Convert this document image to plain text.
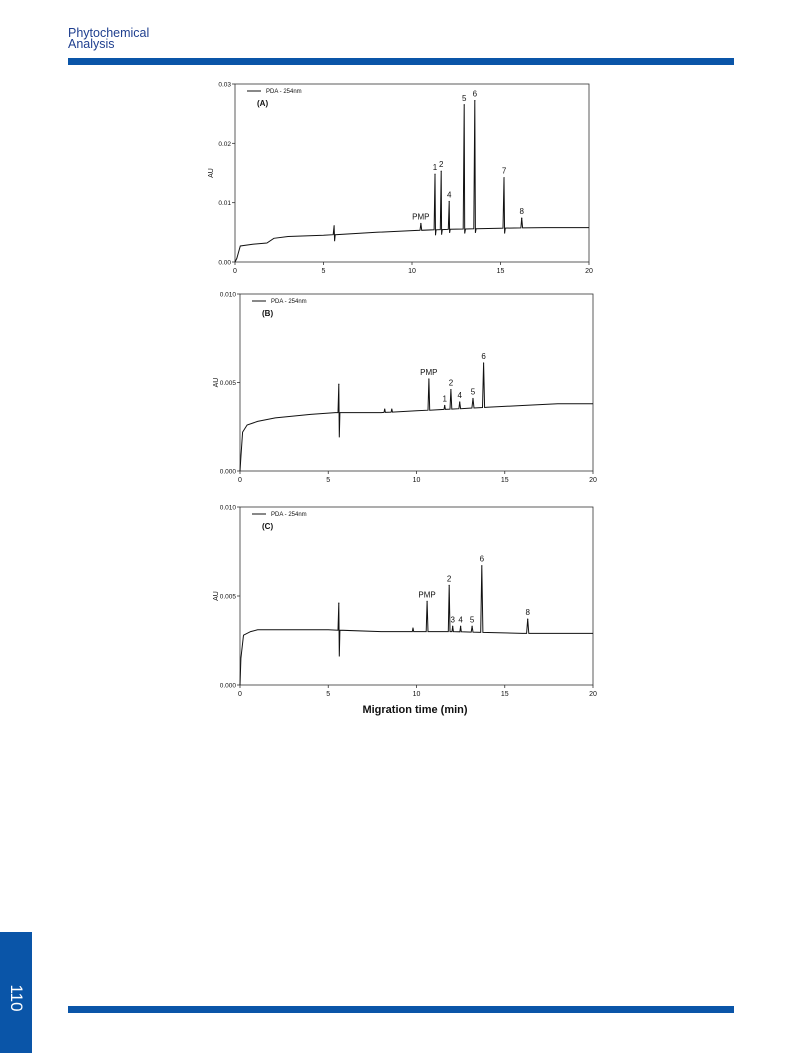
Phytochemical
Analysis
Migration time (min)
0	5	10	15	20
0.00
0.01
0.02
0.03
AU
PDA - 254nm
(A)
PMP
1 2
4
5 6
7
8
0	5	10	15	20
0.000
0.005
0.010
AU
PDA - 254nm
(B)
PMP
1
2
4 5
6
0	5	10	15	20
0.000
0.005
0.010
AU
PDA - 254nm
(C)
PMP
2
3 4 5
6
8
110
